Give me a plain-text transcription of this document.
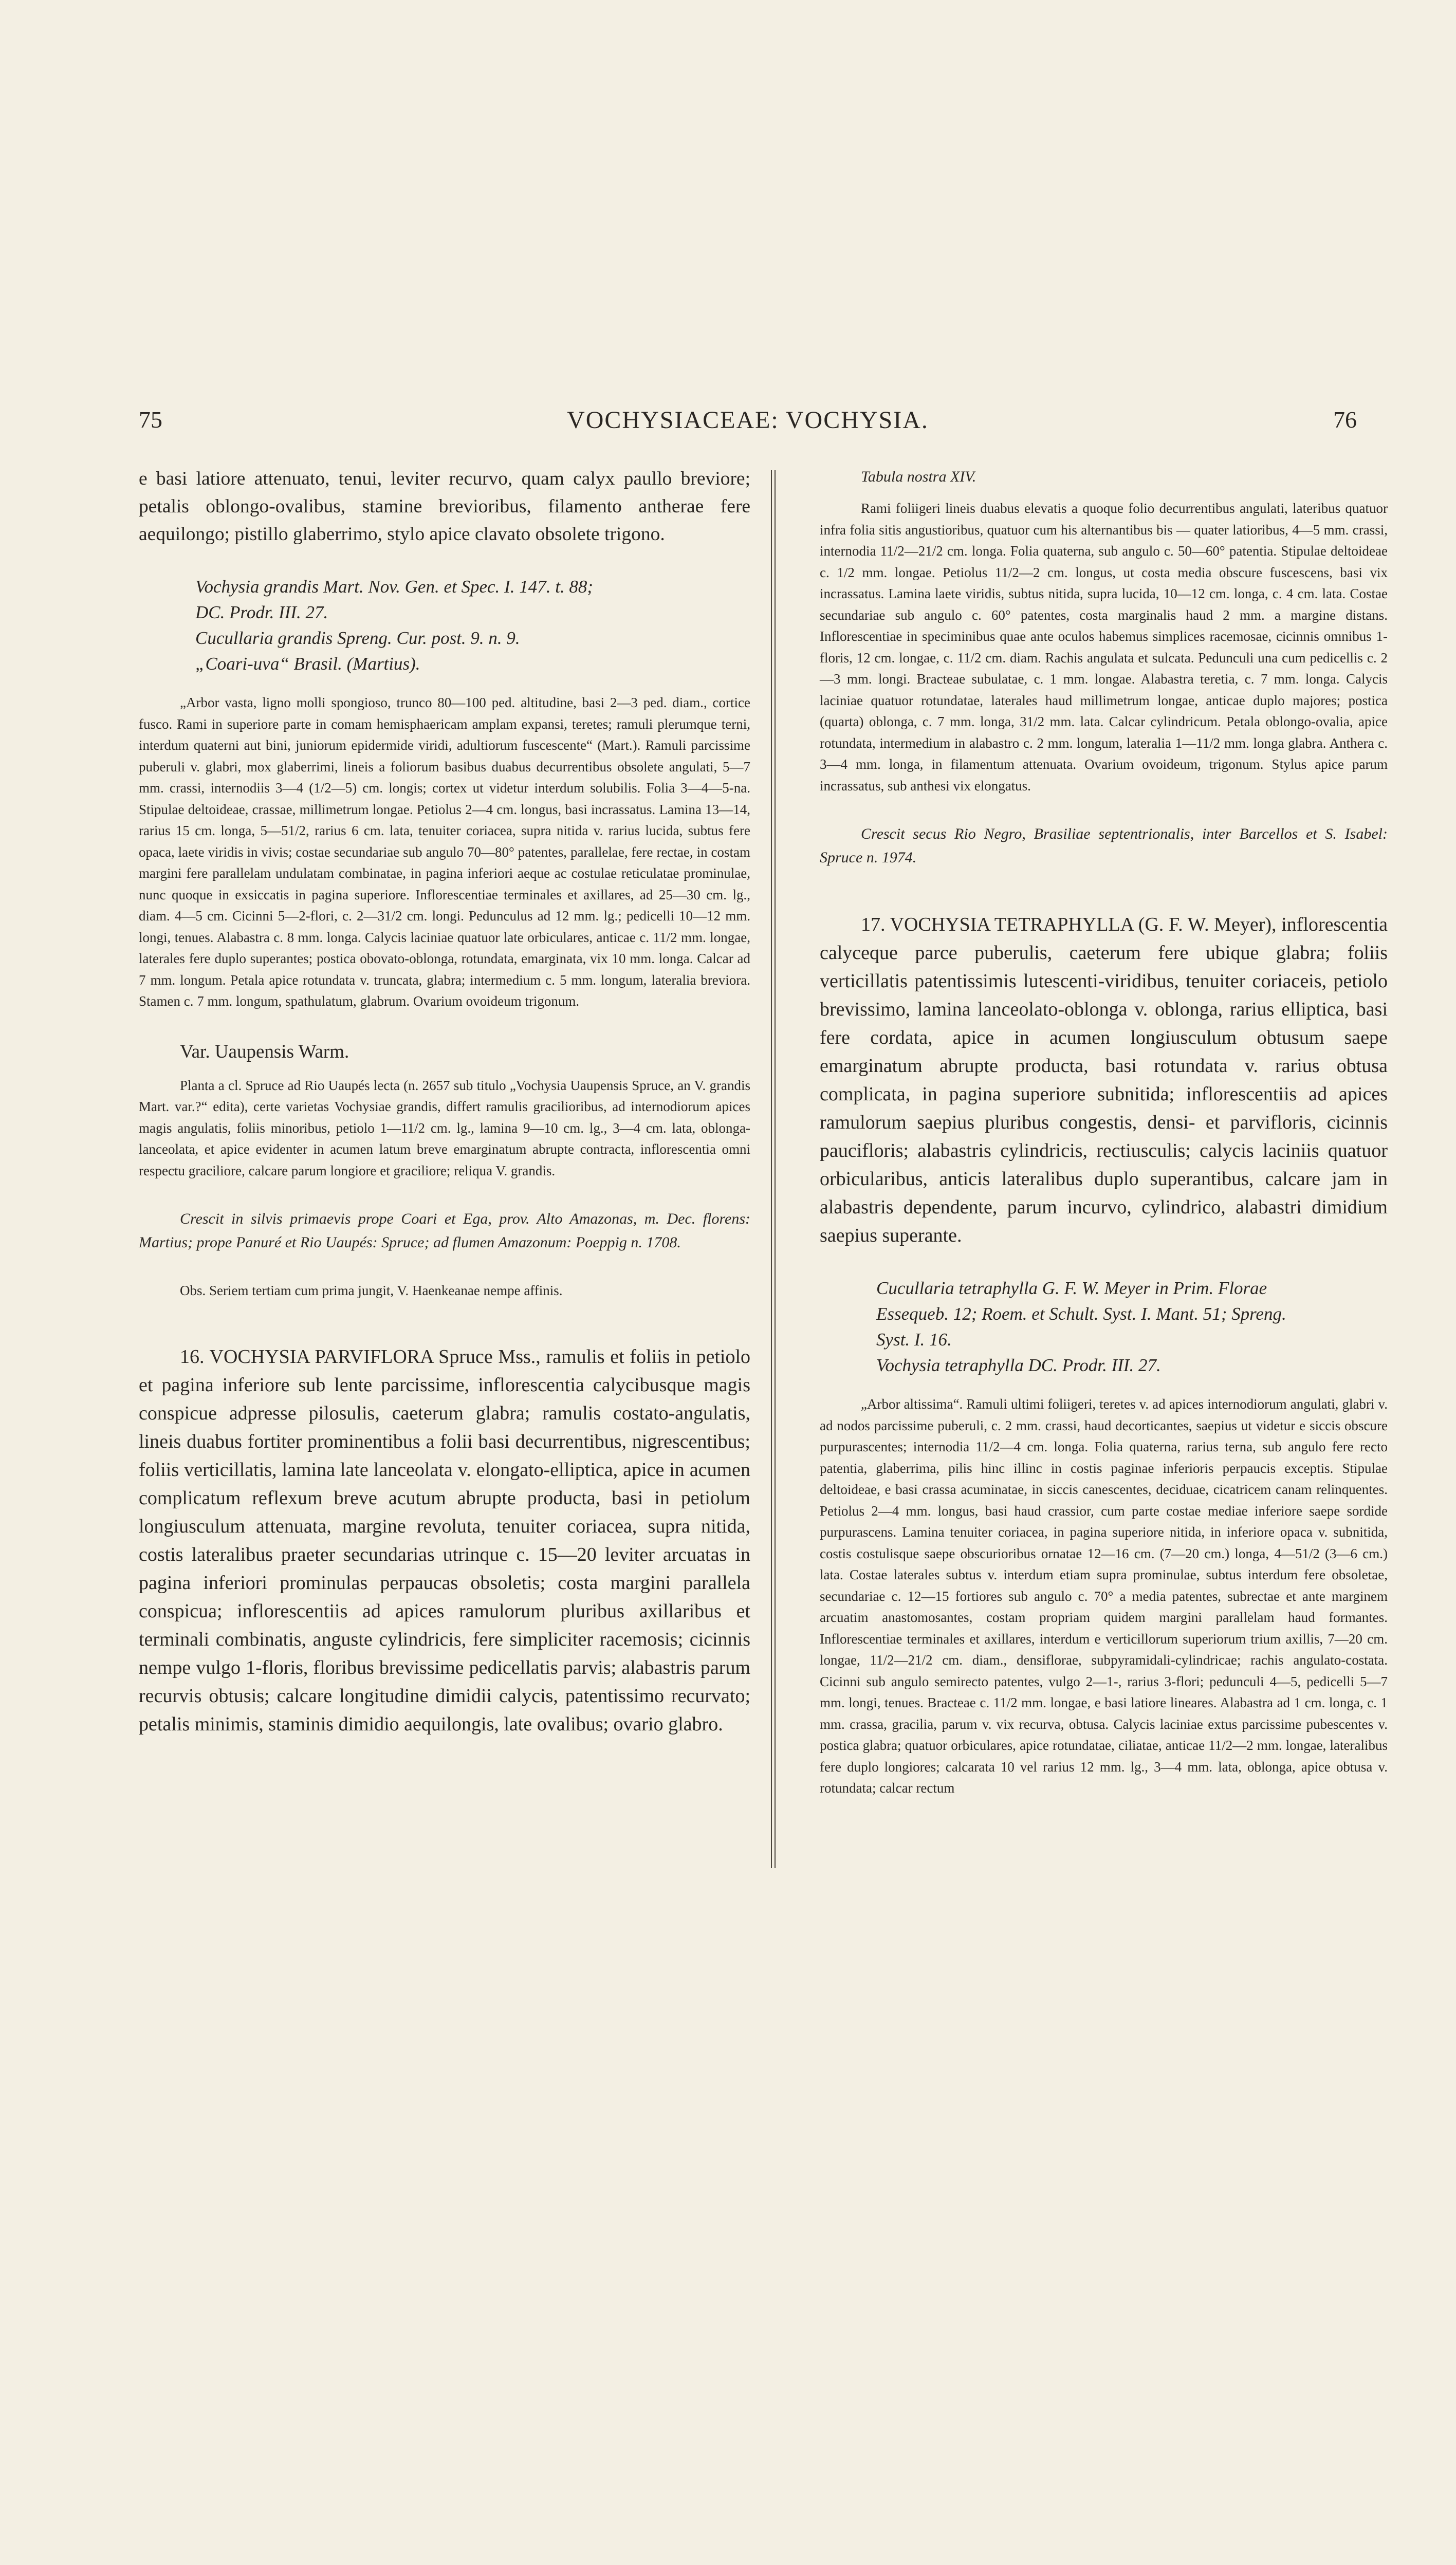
75	VOCHYSIACEAE: VOCHYSIA.	76

e basi latiore attenuato, tenui, leviter recurvo, quam calyx paullo breviore; petalis oblongo-ovalibus, stamine brevioribus, filamento antherae fere aequilongo; pistillo glaberrimo, stylo apice clavato obsolete trigono.

Vochysia grandis Mart. Nov. Gen. et Spec. I. 147. t. 88;
DC. Prodr. III. 27.
Cucullaria grandis Spreng. Cur. post. 9. n. 9.
„Coari-uva“ Brasil. (Martius).

„Arbor vasta, ligno molli spongioso, trunco 80—100 ped. altitudine, basi 2—3 ped. diam., cortice fusco. Rami in superiore parte in comam hemisphaericam amplam expansi, teretes; ramuli plerumque terni, interdum quaterni aut bini, juniorum epidermide viridi, adultiorum fuscescente“ (Mart.). Ramuli parcissime puberuli v. glabri, mox glaberrimi, lineis a foliorum basibus duabus decurrentibus obsolete angulati, 5—7 mm. crassi, internodiis 3—4 (1/2—5) cm. longis; cortex ut videtur interdum solubilis. Folia 3—4—5-na. Stipulae deltoideae, crassae, millimetrum longae. Petiolus 2—4 cm. longus, basi incrassatus. Lamina 13—14, rarius 15 cm. longa, 5—51/2, rarius 6 cm. lata, tenuiter coriacea, supra nitida v. rarius lucida, subtus fere opaca, laete viridis in vivis; costae secundariae sub angulo 70—80° patentes, parallelae, fere rectae, in costam margini fere parallelam undulatam combinatae, in pagina inferiori aeque ac costulae reticulatae prominulae, nunc quoque in exsiccatis in pagina superiore. Inflorescentiae terminales et axillares, ad 25—30 cm. lg., diam. 4—5 cm. Cicinni 5—2-flori, c. 2—31/2 cm. longi. Pedunculus ad 12 mm. lg.; pedicelli 10—12 mm. longi, tenues. Alabastra c. 8 mm. longa. Calycis laciniae quatuor late orbiculares, anticae c. 11/2 mm. longae, laterales fere duplo superantes; postica obovato-oblonga, rotundata, emarginata, vix 10 mm. longa. Calcar ad 7 mm. longum. Petala apice rotundata v. truncata, glabra; intermedium c. 5 mm. longum, lateralia breviora. Stamen c. 7 mm. longum, spathulatum, glabrum. Ovarium ovoideum trigonum.

Var. Uaupensis Warm.

Planta a cl. Spruce ad Rio Uaupés lecta (n. 2657 sub titulo „Vochysia Uaupensis Spruce, an V. grandis Mart. var.?“ edita), certe varietas Vochysiae grandis, differt ramulis gracilioribus, ad internodiorum apices magis angulatis, foliis minoribus, petiolo 1—11/2 cm. lg., lamina 9—10 cm. lg., 3—4 cm. lata, oblonga-lanceolata, et apice evidenter in acumen latum breve emarginatum abrupte contracta, inflorescentia omni respectu graciliore, calcare parum longiore et graciliore; reliqua V. grandis.

Crescit in silvis primaevis prope Coari et Ega, prov. Alto Amazonas, m. Dec. florens: Martius; prope Panuré et Rio Uaupés: Spruce; ad flumen Amazonum: Poeppig n. 1708.

Obs. Seriem tertiam cum prima jungit, V. Haenkeanae nempe affinis.

16. VOCHYSIA PARVIFLORA Spruce Mss., ramulis et foliis in petiolo et pagina inferiore sub lente parcissime, inflorescentia calycibusque magis conspicue adpresse pilosulis, caeterum glabra; ramulis costato-angulatis, lineis duabus fortiter prominentibus a folii basi decurrentibus, nigrescentibus; foliis verticillatis, lamina late lanceolata v. elongato-elliptica, apice in acumen complicatum reflexum breve acutum abrupte producta, basi in petiolum longiusculum attenuata, margine revoluta, tenuiter coriacea, supra nitida, costis lateralibus praeter secundarias utrinque c. 15—20 leviter arcuatas in pagina inferiori prominulas perpaucas obsoletis; costa margini parallela conspicua; inflorescentiis ad apices ramulorum pluribus axillaribus et terminali combinatis, anguste cylindricis, fere simpliciter racemosis; cicinnis nempe vulgo 1-floris, floribus brevissime pedicellatis parvis; alabastris parum recurvis obtusis; calcare longitudine dimidii calycis, patentissimo recurvato; petalis minimis, staminis dimidio aequilongis, late ovalibus; ovario glabro.

Tabula nostra XIV.

Rami foliigeri lineis duabus elevatis a quoque folio decurrentibus angulati, lateribus quatuor infra folia sitis angustioribus, quatuor cum his alternantibus bis — quater latioribus, 4—5 mm. crassi, internodia 11/2—21/2 cm. longa. Folia quaterna, sub angulo c. 50—60° patentia. Stipulae deltoideae c. 1/2 mm. longae. Petiolus 11/2—2 cm. longus, ut costa media obscure fuscescens, basi vix incrassatus. Lamina laete viridis, subtus nitida, supra lucida, 10—12 cm. longa, c. 4 cm. lata. Costae secundariae sub angulo c. 60° patentes, costa marginalis haud 2 mm. a margine distans. Inflorescentiae in speciminibus quae ante oculos habemus simplices racemosae, cicinnis omnibus 1-floris, 12 cm. longae, c. 11/2 cm. diam. Rachis angulata et sulcata. Pedunculi una cum pedicellis c. 2—3 mm. longi. Bracteae subulatae, c. 1 mm. longae. Alabastra teretia, c. 7 mm. longa. Calycis laciniae quatuor rotundatae, laterales haud millimetrum longae, anticae duplo majores; postica (quarta) oblonga, c. 7 mm. longa, 31/2 mm. lata. Calcar cylindricum. Petala oblongo-ovalia, apice rotundata, intermedium in alabastro c. 2 mm. longum, lateralia 1—11/2 mm. longa glabra. Anthera c. 3—4 mm. longa, in filamentum attenuata. Ovarium ovoideum, trigonum. Stylus apice parum incrassatus, sub anthesi vix elongatus.

Crescit secus Rio Negro, Brasiliae septentrionalis, inter Barcellos et S. Isabel: Spruce n. 1974.

17. VOCHYSIA TETRAPHYLLA (G. F. W. Meyer), inflorescentia calyceque parce puberulis, caeterum fere ubique glabra; foliis verticillatis patentissimis lutescenti-viridibus, tenuiter coriaceis, petiolo brevissimo, lamina lanceolato-oblonga v. oblonga, rarius elliptica, basi fere cordata, apice in acumen longiusculum obtusum saepe emarginatum abrupte producta, basi rotundata v. rarius obtusa complicata, in pagina superiore subnitida; inflorescentiis ad apices ramulorum saepius pluribus congestis, densi- et parvifloris, cicinnis paucifloris; alabastris cylindricis, rectiusculis; calycis laciniis quatuor orbicularibus, anticis lateralibus duplo superantibus, calcare jam in alabastris dependente, parum incurvo, cylindrico, alabastri dimidium saepius superante.

Cucullaria tetraphylla G. F. W. Meyer in Prim. Florae
Essequeb. 12; Roem. et Schult. Syst. I. Mant. 51; Spreng.
Syst. I. 16.
Vochysia tetraphylla DC. Prodr. III. 27.

„Arbor altissima“. Ramuli ultimi foliigeri, teretes v. ad apices internodiorum angulati, glabri v. ad nodos parcissime puberuli, c. 2 mm. crassi, haud decorticantes, saepius ut videtur e siccis obscure purpurascentes; internodia 11/2—4 cm. longa. Folia quaterna, rarius terna, sub angulo fere recto patentia, glaberrima, pilis hinc illinc in costis paginae inferioris perpaucis exceptis. Stipulae deltoideae, e basi crassa acuminatae, in siccis canescentes, deciduae, cicatricem canam relinquentes. Petiolus 2—4 mm. longus, basi haud crassior, cum parte costae mediae inferiore saepe sordide purpurascens. Lamina tenuiter coriacea, in pagina superiore nitida, in inferiore opaca v. subnitida, costis costulisque saepe obscurioribus ornatae 12—16 cm. (7—20 cm.) longa, 4—51/2 (3—6 cm.) lata. Costae laterales subtus v. interdum etiam supra prominulae, subtus interdum fere obsoletae, secundariae c. 12—15 fortiores sub angulo c. 70° a media patentes, subrectae et ante marginem arcuatim anastomosantes, costam propriam quidem margini parallelam haud formantes. Inflorescentiae terminales et axillares, interdum e verticillorum superiorum trium axillis, 7—20 cm. longae, 11/2—21/2 cm. diam., densiflorae, subpyramidali-cylindricae; rachis angulato-costata. Cicinni sub angulo semirecto patentes, vulgo 2—1-, rarius 3-flori; pedunculi 4—5, pedicelli 5—7 mm. longi, tenues. Bracteae c. 11/2 mm. longae, e basi latiore lineares. Alabastra ad 1 cm. longa, c. 1 mm. crassa, gracilia, parum v. vix recurva, obtusa. Calycis laciniae extus parcissime pubescentes v. postica glabra; quatuor orbiculares, apice rotundatae, ciliatae, anticae 11/2—2 mm. longae, lateralibus fere duplo longiores; calcarata 10 vel rarius 12 mm. lg., 3—4 mm. lata, oblonga, apice obtusa v. rotundata; calcar rectum
